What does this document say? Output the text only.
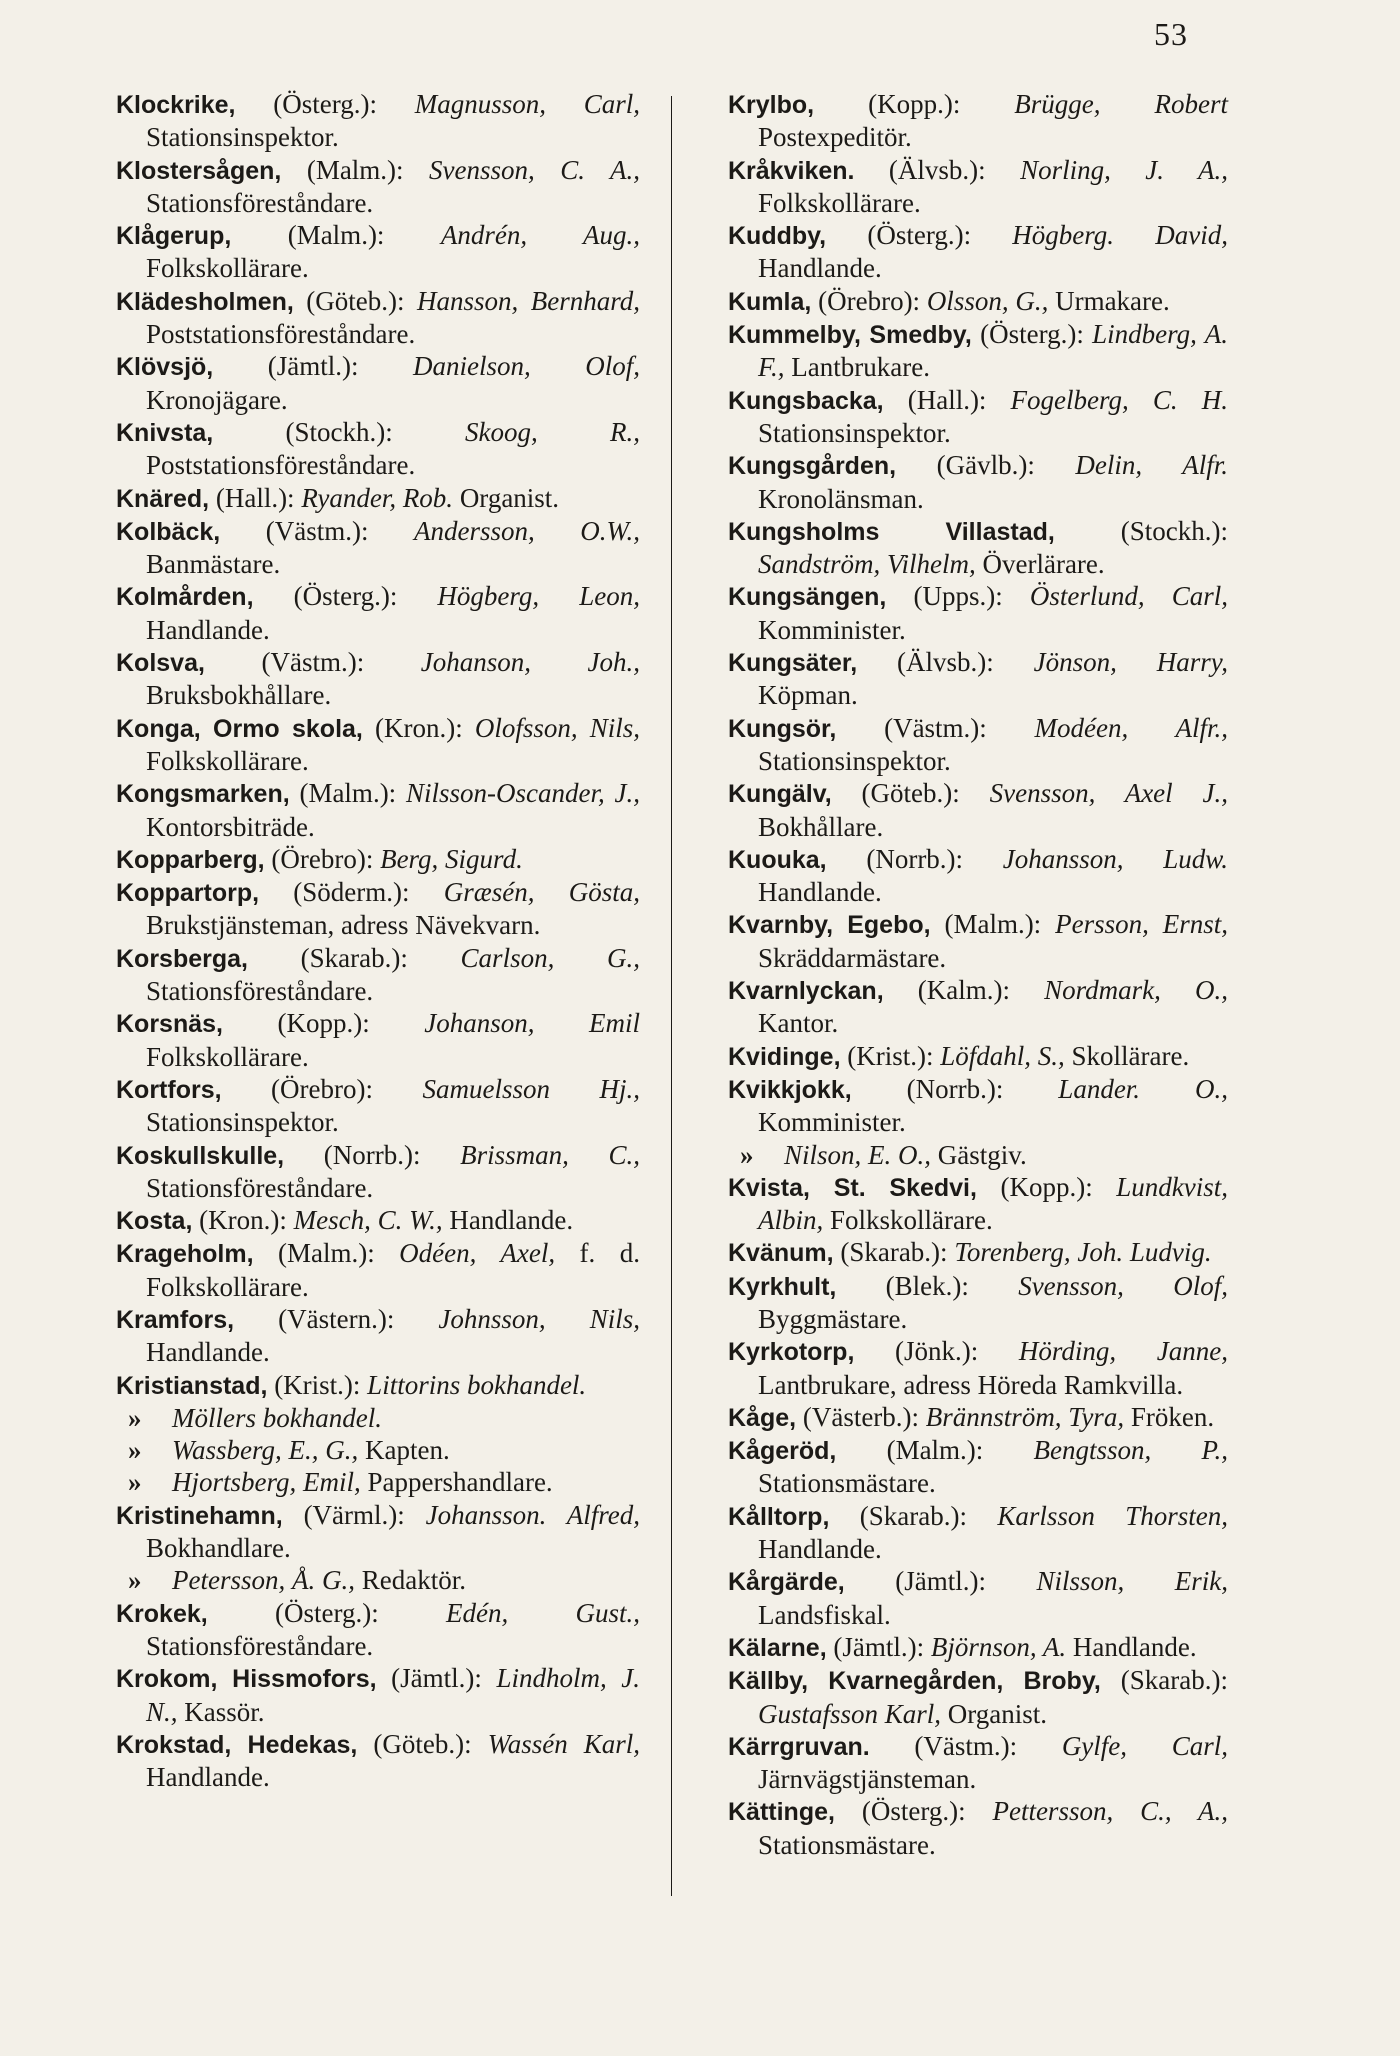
53
Klockrike, (Österg.): Magnusson, Carl, Stationsinspektor.
Klostersågen, (Malm.): Svensson, C. A., Stationsföreståndare.
Klågerup, (Malm.): Andrén, Aug., Folkskollärare.
Klädesholmen, (Göteb.): Hansson, Bernhard, Poststationsföreståndare.
Klövsjö, (Jämtl.): Danielson, Olof, Kronojägare.
Knivsta, (Stockh.): Skoog, R., Poststationsföreståndare.
Knäred, (Hall.): Ryander, Rob. Organist.
Kolbäck, (Västm.): Andersson, O.W., Banmästare.
Kolmården, (Österg.): Högberg, Leon, Handlande.
Kolsva, (Västm.): Johanson, Joh., Bruksbokhållare.
Konga, Ormo skola, (Kron.): Olofsson, Nils, Folkskollärare.
Kongsmarken, (Malm.): Nilsson-Oscander, J., Kontorsbiträde.
Kopparberg, (Örebro): Berg, Sigurd.
Koppartorp, (Söderm.): Græsén, Gösta, Brukstjänsteman, adress Nävekvarn.
Korsberga, (Skarab.): Carlson, G., Stationsföreståndare.
Korsnäs, (Kopp.): Johanson, Emil Folkskollärare.
Kortfors, (Örebro): Samuelsson Hj., Stationsinspektor.
Koskullskulle, (Norrb.): Brissman, C., Stationsföreståndare.
Kosta, (Kron.): Mesch, C. W., Handlande.
Krageholm, (Malm.): Odéen, Axel, f. d. Folkskollärare.
Kramfors, (Västern.): Johnsson, Nils, Handlande.
Kristianstad, (Krist.): Littorins bokhandel.
» Möllers bokhandel.
» Wassberg, E., G., Kapten.
» Hjortsberg, Emil, Pappershandlare.
Kristinehamn, (Värml.): Johansson. Alfred, Bokhandlare.
» Petersson, Å. G., Redaktör.
Krokek, (Österg.): Edén, Gust., Stationsföreståndare.
Krokom, Hissmofors, (Jämtl.): Lindholm, J. N., Kassör.
Krokstad, Hedekas, (Göteb.): Wassén Karl, Handlande.
Krylbo, (Kopp.): Brügge, Robert Postexpeditör.
Kråkviken. (Älvsb.): Norling, J. A., Folkskollärare.
Kuddby, (Österg.): Högberg. David, Handlande.
Kumla, (Örebro): Olsson, G., Urmakare.
Kummelby, Smedby, (Österg.): Lindberg, A. F., Lantbrukare.
Kungsbacka, (Hall.): Fogelberg, C. H. Stationsinspektor.
Kungsgården, (Gävlb.): Delin, Alfr. Kronolänsman.
Kungsholms Villastad, (Stockh.): Sandström, Vilhelm, Överlärare.
Kungsängen, (Upps.): Österlund, Carl, Komminister.
Kungsäter, (Älvsb.): Jönson, Harry, Köpman.
Kungsör, (Västm.): Modéen, Alfr., Stationsinspektor.
Kungälv, (Göteb.): Svensson, Axel J., Bokhållare.
Kuouka, (Norrb.): Johansson, Ludw. Handlande.
Kvarnby, Egebo, (Malm.): Persson, Ernst, Skräddarmästare.
Kvarnlyckan, (Kalm.): Nordmark, O., Kantor.
Kvidinge, (Krist.): Löfdahl, S., Skollärare.
Kvikkjokk, (Norrb.): Lander. O., Komminister.
» Nilson, E. O., Gästgiv.
Kvista, St. Skedvi, (Kopp.): Lundkvist, Albin, Folkskollärare.
Kvänum, (Skarab.): Torenberg, Joh. Ludvig.
Kyrkhult, (Blek.): Svensson, Olof, Byggmästare.
Kyrkotorp, (Jönk.): Hörding, Janne, Lantbrukare, adress Höreda Ramkvilla.
Kåge, (Västerb.): Brännström, Tyra, Fröken.
Kågeröd, (Malm.): Bengtsson, P., Stationsmästare.
Kålltorp, (Skarab.): Karlsson Thorsten, Handlande.
Kårgärde, (Jämtl.): Nilsson, Erik, Landsfiskal.
Kälarne, (Jämtl.): Björnson, A. Handlande.
Källby, Kvarnegården, Broby, (Skarab.): Gustafsson Karl, Organist.
Kärrgruvan. (Västm.): Gylfe, Carl, Järnvägstjänsteman.
Kättinge, (Österg.): Pettersson, C., A., Stationsmästare.
